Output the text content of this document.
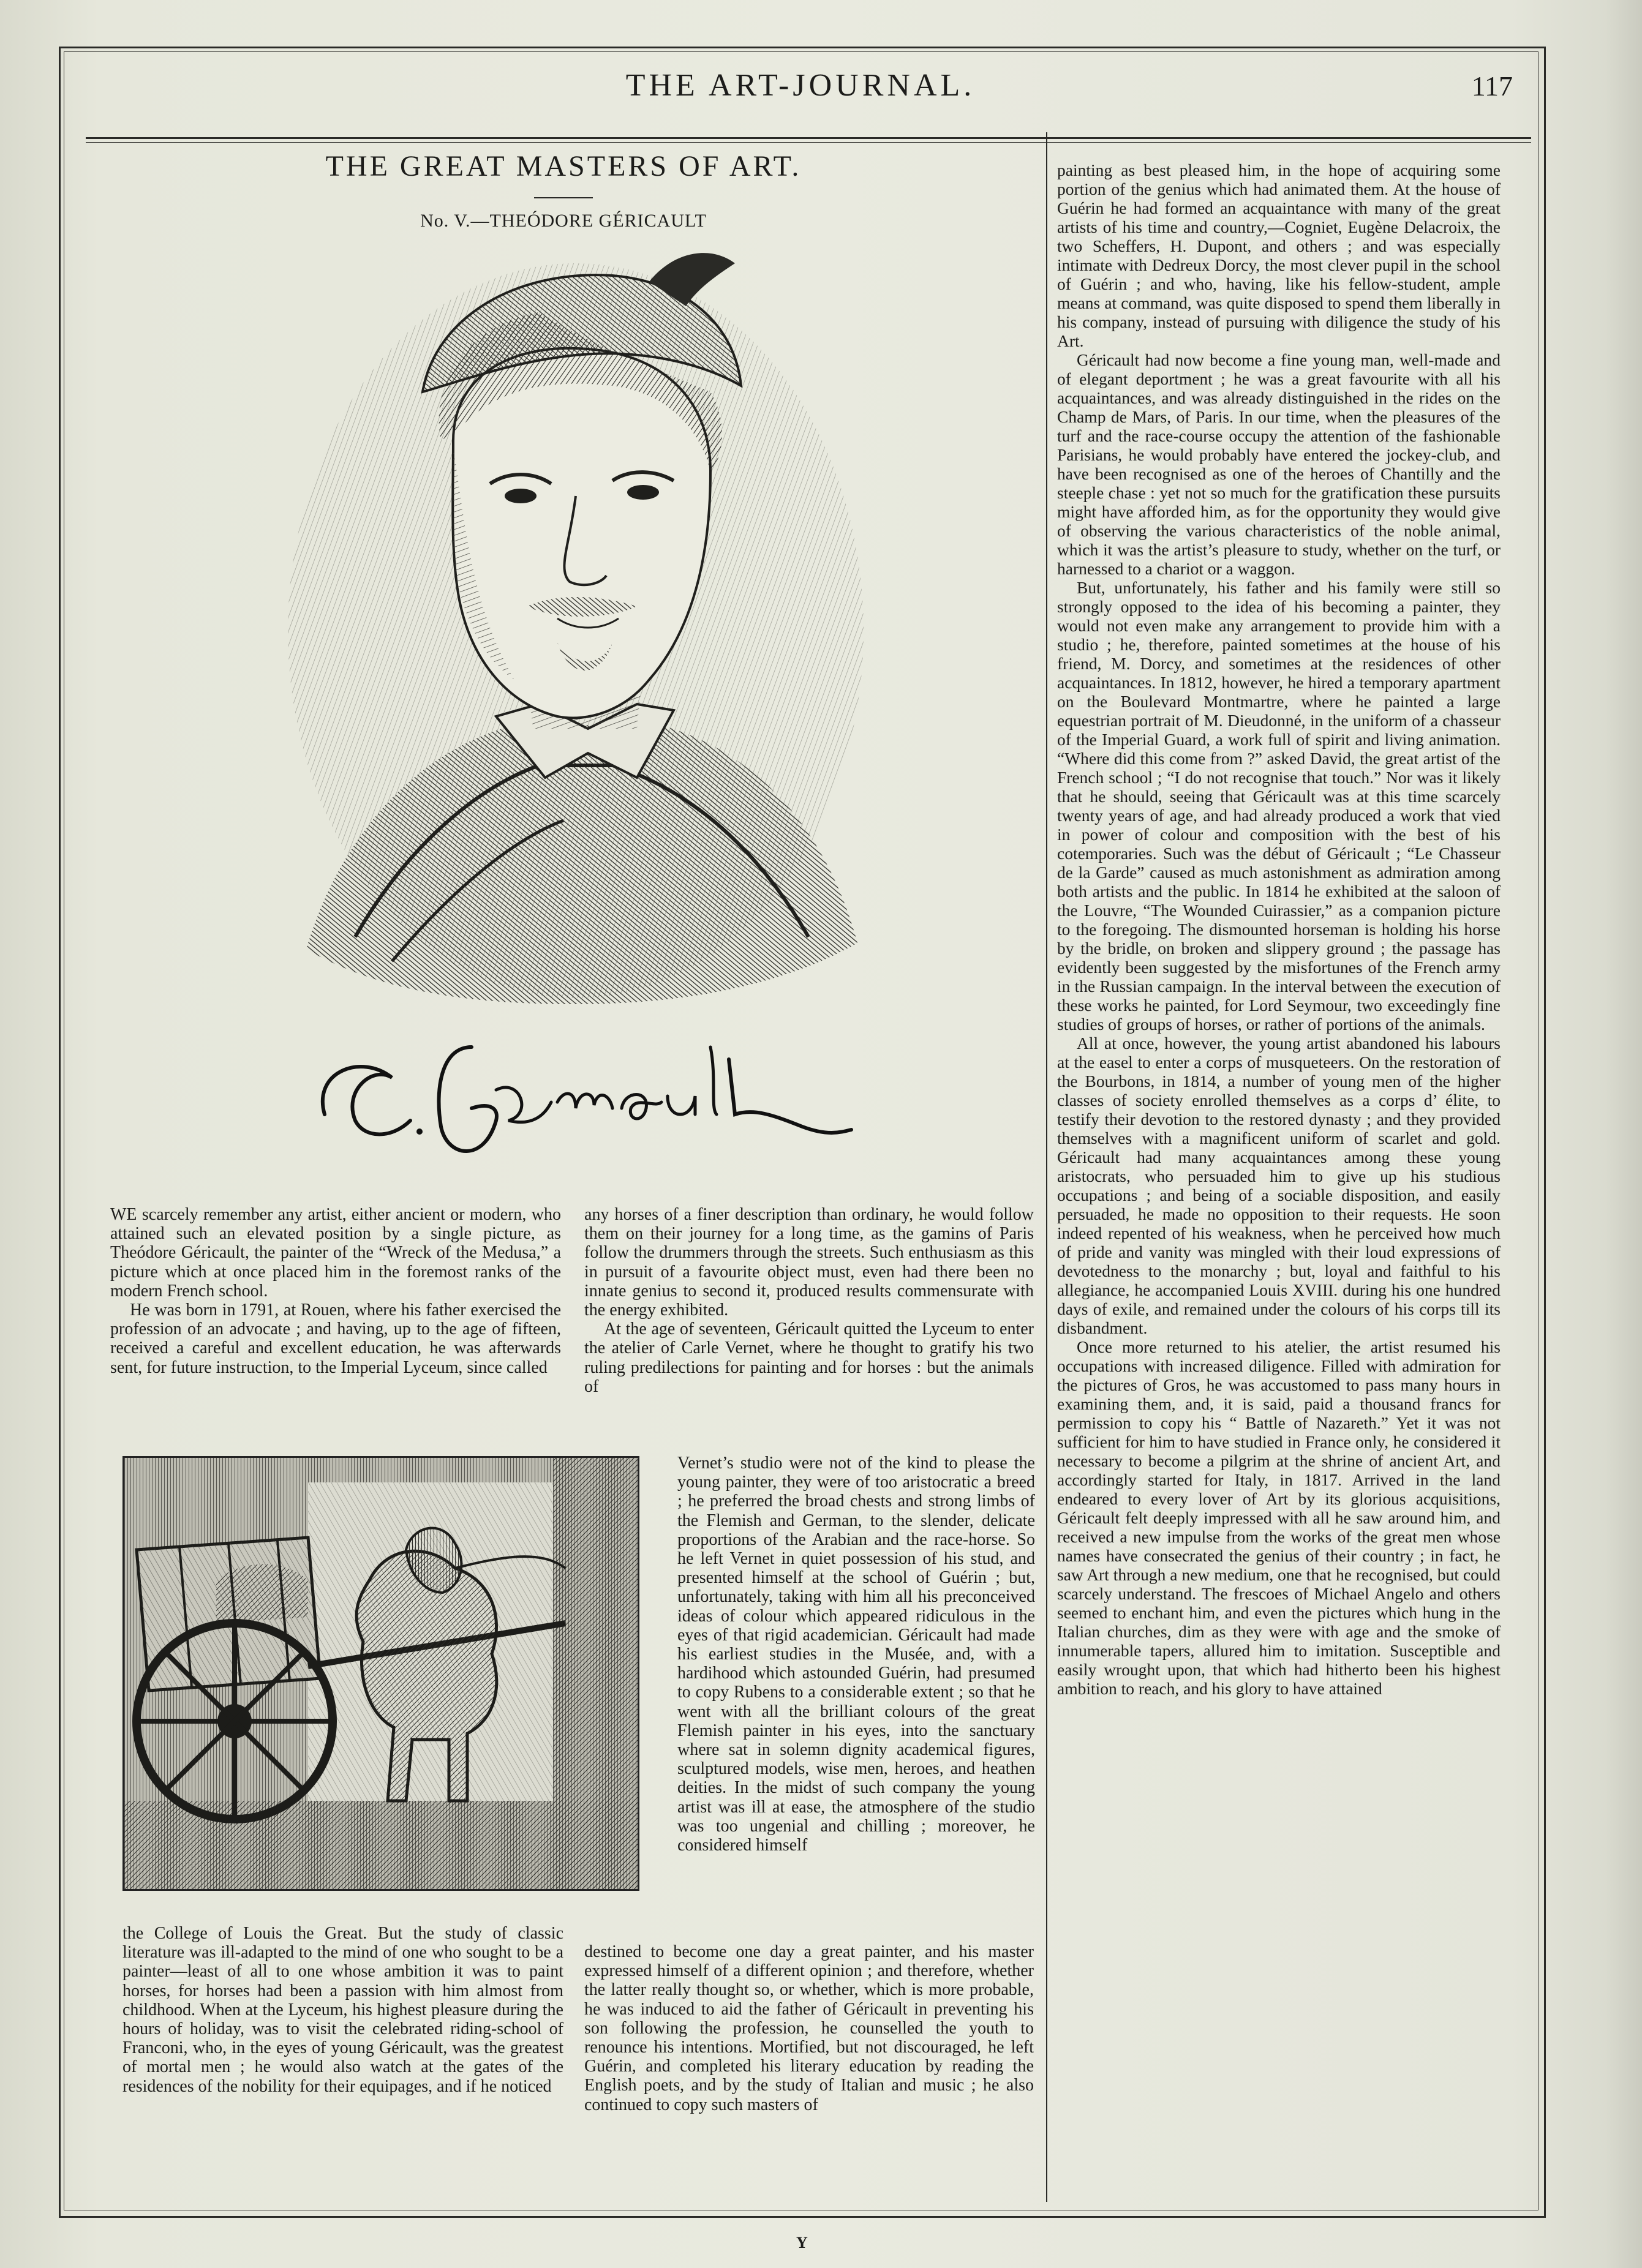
THE ART-JOURNAL.	117
THE GREAT MASTERS OF ART.
No. V.—THEÓDORE GÉRICAULT

WE scarcely remember any artist, either ancient or modern, who attained such an elevated position by a single picture, as Theódore Géricault, the painter of the “Wreck of the Medusa,” a picture which at once placed him in the foremost ranks of the modern French school.

He was born in 1791, at Rouen, where his father exercised the profession of an advocate ; and having, up to the age of fifteen, received a careful and excellent education, he was afterwards sent, for future instruction, to the Imperial Lyceum, since called

the College of Louis the Great. But the study of classic literature was ill-adapted to the mind of one who sought to be a painter—least of all to one whose ambition it was to paint horses, for horses had been a passion with him almost from childhood. When at the Lyceum, his highest pleasure during the hours of holiday, was to visit the celebrated riding-school of Franconi, who, in the eyes of young Géricault, was the greatest of mortal men ; he would also watch at the gates of the residences of the nobility for their equipages, and if he noticed

any horses of a finer description than ordinary, he would follow them on their journey for a long time, as the gamins of Paris follow the drummers through the streets. Such enthusiasm as this in pursuit of a favourite object must, even had there been no innate genius to second it, produced results commensurate with the energy exhibited.

At the age of seventeen, Géricault quitted the Lyceum to enter the atelier of Carle Vernet, where he thought to gratify his two ruling predilections for painting and for horses : but the animals of

Vernet’s studio were not of the kind to please the young painter, they were of too aristocratic a breed ; he preferred the broad chests and strong limbs of the Flemish and German, to the slender, delicate proportions of the Arabian and the race-horse. So he left Vernet in quiet possession of his stud, and presented himself at the school of Guérin ; but, unfortunately, taking with him all his preconceived ideas of colour which appeared ridiculous in the eyes of that rigid academician. Géricault had made his earliest studies in the Musée, and, with a hardihood which astounded Guérin, had presumed to copy Rubens to a considerable extent ; so that he went with all the brilliant colours of the great Flemish painter in his eyes, into the sanctuary where sat in solemn dignity academical figures, sculptured models, wise men, heroes, and heathen deities. In the midst of such company the young artist was ill at ease, the atmosphere of the studio was too ungenial and chilling ; moreover, he considered himself

destined to become one day a great painter, and his master expressed himself of a different opinion ; and therefore, whether the latter really thought so, or whether, which is more probable, he was induced to aid the father of Géricault in preventing his son following the profession, he counselled the youth to renounce his intentions. Mortified, but not discouraged, he left Guérin, and completed his literary education by reading the English poets, and by the study of Italian and music ; he also continued to copy such masters of

painting as best pleased him, in the hope of acquiring some portion of the genius which had animated them. At the house of Guérin he had formed an acquaintance with many of the great artists of his time and country,—Cogniet, Eugène Delacroix, the two Scheffers, H. Dupont, and others ; and was especially intimate with Dedreux Dorcy, the most clever pupil in the school of Guérin ; and who, having, like his fellow-student, ample means at command, was quite disposed to spend them liberally in his company, instead of pursuing with diligence the study of his Art.

Géricault had now become a fine young man, well-made and of elegant deportment ; he was a great favourite with all his acquaintances, and was already distinguished in the rides on the Champ de Mars, of Paris. In our time, when the pleasures of the turf and the race-course occupy the attention of the fashionable Parisians, he would probably have entered the jockey-club, and have been recognised as one of the heroes of Chantilly and the steeple chase : yet not so much for the gratification these pursuits might have afforded him, as for the opportunity they would give of observing the various characteristics of the noble animal, which it was the artist’s pleasure to study, whether on the turf, or harnessed to a chariot or a waggon.

But, unfortunately, his father and his family were still so strongly opposed to the idea of his becoming a painter, they would not even make any arrangement to provide him with a studio ; he, therefore, painted sometimes at the house of his friend, M. Dorcy, and sometimes at the residences of other acquaintances. In 1812, however, he hired a temporary apartment on the Boulevard Montmartre, where he painted a large equestrian portrait of M. Dieudonné, in the uniform of a chasseur of the Imperial Guard, a work full of spirit and living animation. “Where did this come from ?” asked David, the great artist of the French school ; “I do not recognise that touch.” Nor was it likely that he should, seeing that Géricault was at this time scarcely twenty years of age, and had already produced a work that vied in power of colour and composition with the best of his cotemporaries. Such was the début of Géricault ; “Le Chasseur de la Garde” caused as much astonishment as admiration among both artists and the public. In 1814 he exhibited at the saloon of the Louvre, “The Wounded Cuirassier,” as a companion picture to the foregoing. The dismounted horseman is holding his horse by the bridle, on broken and slippery ground ; the passage has evidently been suggested by the misfortunes of the French army in the Russian campaign. In the interval between the execution of these works he painted, for Lord Seymour, two exceedingly fine studies of groups of horses, or rather of portions of the animals.

All at once, however, the young artist abandoned his labours at the easel to enter a corps of musqueteers. On the restoration of the Bourbons, in 1814, a number of young men of the higher classes of society enrolled themselves as a corps d’ élite, to testify their devotion to the restored dynasty ; and they provided themselves with a magnificent uniform of scarlet and gold. Géricault had many acquaintances among these young aristocrats, who persuaded him to give up his studious occupations ; and being of a sociable disposition, and easily persuaded, he made no opposition to their requests. He soon indeed repented of his weakness, when he perceived how much of pride and vanity was mingled with their loud expressions of devotedness to the monarchy ; but, loyal and faithful to his allegiance, he accompanied Louis XVIII. during his one hundred days of exile, and remained under the colours of his corps till its disbandment.

Once more returned to his atelier, the artist resumed his occupations with increased diligence. Filled with admiration for the pictures of Gros, he was accustomed to pass many hours in examining them, and, it is said, paid a thousand francs for permission to copy his “ Battle of Nazareth.” Yet it was not sufficient for him to have studied in France only, he considered it necessary to become a pilgrim at the shrine of ancient Art, and accordingly started for Italy, in 1817. Arrived in the land endeared to every lover of Art by its glorious acquisitions, Géricault felt deeply impressed with all he saw around him, and received a new impulse from the works of the great men whose names have consecrated the genius of their country ; in fact, he saw Art through a new medium, one that he recognised, but could scarcely understand. The frescoes of Michael Angelo and others seemed to enchant him, and even the pictures which hung in the Italian churches, dim as they were with age and the smoke of innumerable tapers, allured him to imitation. Susceptible and easily wrought upon, that which had hitherto been his highest ambition to reach, and his glory to have attained

Y
